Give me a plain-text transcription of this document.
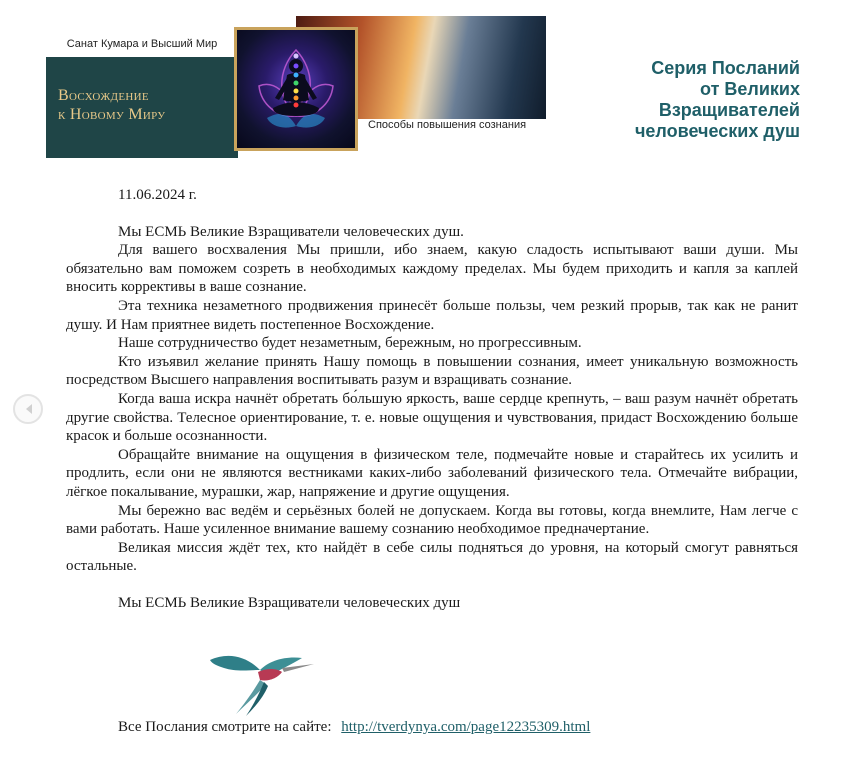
Санат Кумара и Высший Мир
Восхождение
к Новому Миру
Способы повышения сознания
Серия Посланий
от Великих
Взращивателей
человеческих душ

11.06.2024 г.

Мы ЕСМЬ Великие Взращиватели человеческих душ.

Для вашего восхваления Мы пришли, ибо знаем, какую сладость испытывают ваши души. Мы обязательно вам поможем созреть в необходимых каждому пределах. Мы будем приходить и капля за каплей вносить коррективы в ваше сознание.

Эта техника незаметного продвижения принесёт больше пользы, чем резкий прорыв, так как не ранит душу. И Нам приятнее видеть постепенное Восхождение.

Наше сотрудничество будет незаметным, бережным, но прогрессивным.

Кто изъявил желание принять Нашу помощь в повышении сознания, имеет уникальную возможность посредством Высшего направления воспитывать разум и взращивать сознание.

Когда ваша искра начнёт обретать бо́льшую яркость, ваше сердце крепнуть, – ваш разум начнёт обретать другие свойства. Телесное ориентирование, т. е. новые ощущения и чувствования, придаст Восхождению больше красок и больше осознанности.

Обращайте внимание на ощущения в физическом теле, подмечайте новые и старайтесь их усилить и продлить, если они не являются вестниками каких-либо заболеваний физического тела. Отмечайте вибрации, лёгкое покалывание, мурашки, жар, напряжение и другие ощущения.

Мы бережно вас ведём и серьёзных болей не допускаем. Когда вы готовы, когда внемлите, Нам легче с вами работать. Наше усиленное внимание вашему сознанию необходимое предначертание.

Великая миссия ждёт тех, кто найдёт в себе силы подняться до уровня, на который смогут равняться остальные.

Мы ЕСМЬ Великие Взращиватели человеческих душ

Все Послания смотрите на сайте: http://tverdynya.com/page12235309.html
